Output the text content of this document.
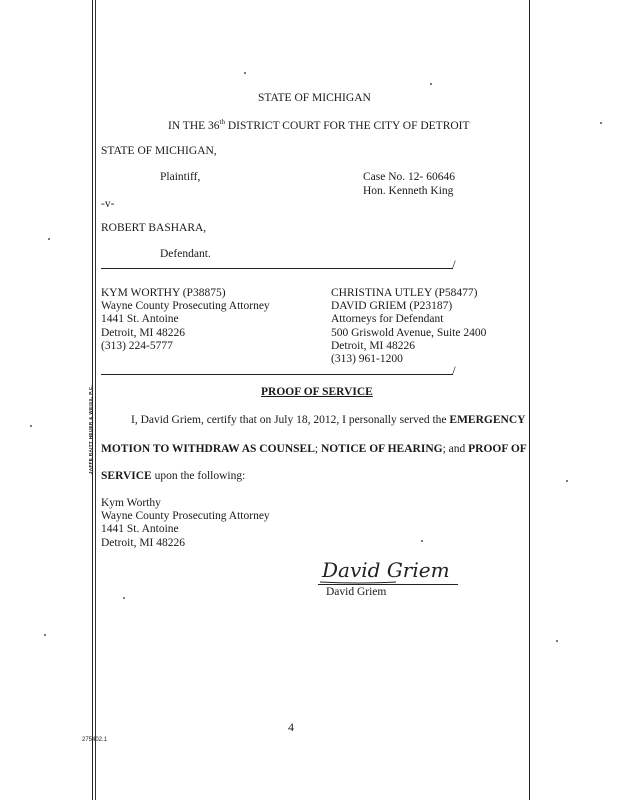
JAFFE RAITT HEUER & WEISS, P.C.
STATE OF MICHIGAN
IN THE 36th DISTRICT COURT FOR THE CITY OF DETROIT
STATE OF MICHIGAN,
Plaintiff,	Case No. 12- 60646
Hon. Kenneth King
-v-
ROBERT BASHARA,
Defendant.
/
KYM WORTHY (P38875)
Wayne County Prosecuting Attorney
1441 St. Antoine
Detroit, MI 48226
(313) 224-5777
CHRISTINA UTLEY (P58477)
DAVID GRIEM (P23187)
Attorneys for Defendant
500 Griswold Avenue, Suite 2400
Detroit, MI 48226
(313) 961-1200
/
PROOF OF SERVICE
I, David Griem, certify that on July 18, 2012, I personally served the EMERGENCY
MOTION TO WITHDRAW AS COUNSEL; NOTICE OF HEARING; and PROOF OF
SERVICE upon the following:
Kym Worthy
Wayne County Prosecuting Attorney
1441 St. Antoine
Detroit, MI 48226
David Griem
David Griem
4
275402.1
